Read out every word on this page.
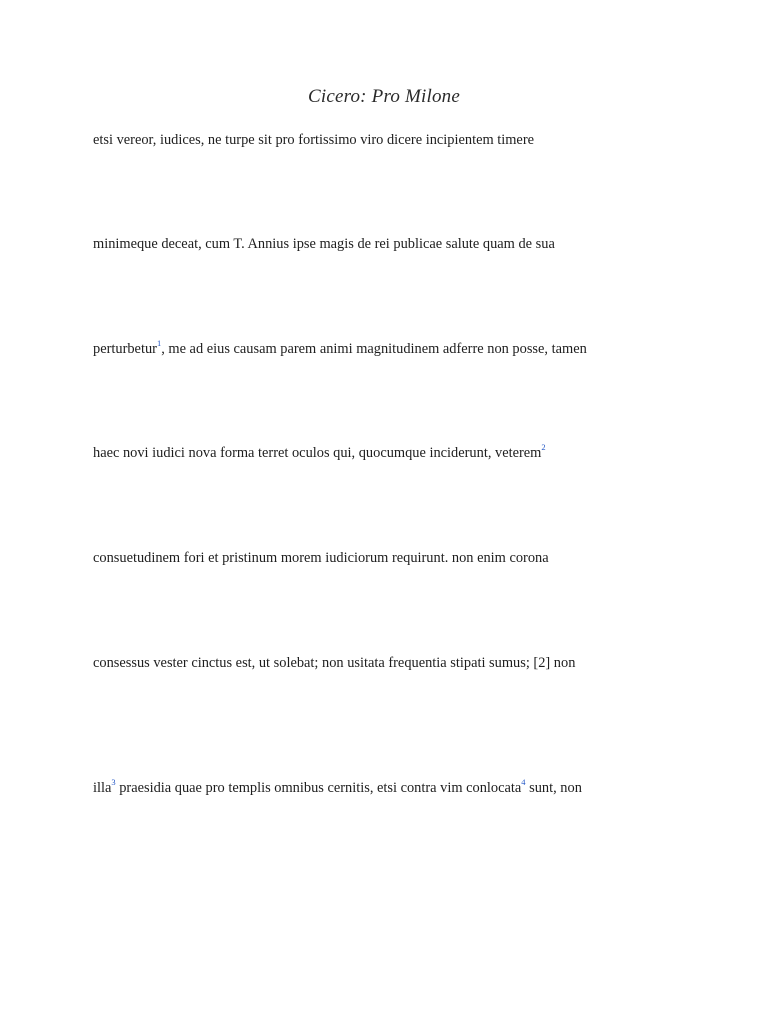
Cicero: Pro Milone
etsi vereor, iudices, ne turpe sit pro fortissimo viro dicere incipientem timere
minimeque deceat, cum T. Annius ipse magis de rei publicae salute quam de sua
perturbetur$^1$, me ad eius causam parem animi magnitudinem adferre non posse, tamen
haec novi iudici nova forma terret oculos qui, quocumque inciderunt, veterem$^2$
consuetudinem fori et pristinum morem iudiciorum requirunt. non enim corona
consessus vester cinctus est, ut solebat; non usitata frequentia stipati sumus; [2] non
illa$^3$ praesidia quae pro templis omnibus cernitis, etsi contra vim conlocata$^4$ sunt, non
